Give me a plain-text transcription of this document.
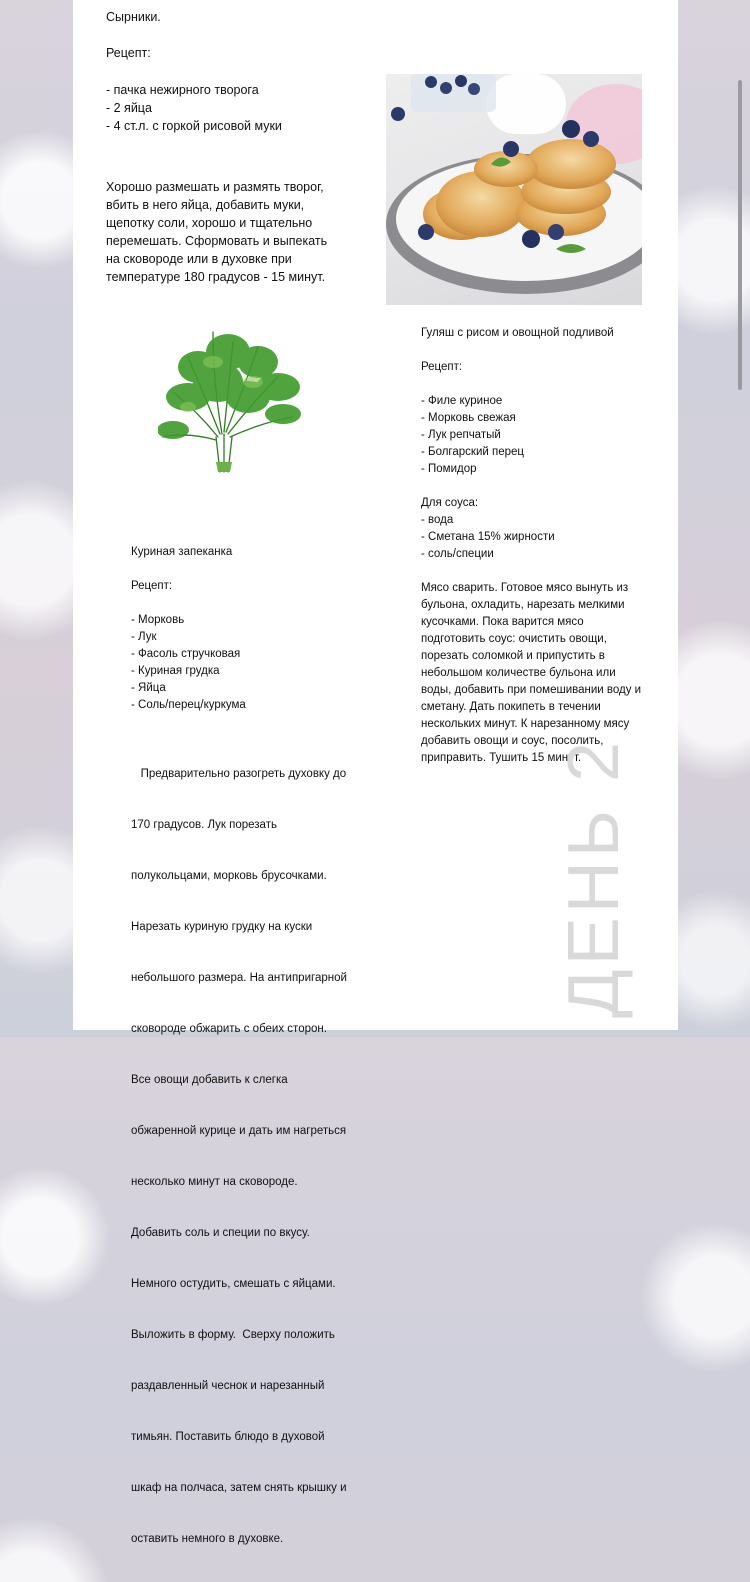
Сырники.
Рецепт:
- пачка нежирного творога
- 2 яйца
- 4 ст.л. с горкой рисовой муки
Хорошо размешать и размять творог,
вбить в него яйца, добавить муки,
щепотку соли, хорошо и тщательно
перемешать. Сформовать и выпекать
на сковороде или в духовке при
температуре 180 градусов - 15 минут.
Гуляш с рисом и овощной подливой
Рецепт:
- Филе куриное
- Морковь свежая
- Лук репчатый
- Болгарский перец
- Помидор
Для соуса:
- вода
- Сметана 15% жирности
- соль/специи
Мясо сварить. Готовое мясо вынуть из
бульона, охладить, нарезать мелкими
кусочками. Пока варится мясо
подготовить соус: очистить овощи,
порезать соломкой и припустить в
небольшом количестве бульона или
воды, добавить при помешивании воду и
сметану. Дать покипеть в течении
нескольких минут. К нарезанному мясу
добавить овощи и соус, посолить,
приправить. Тушить 15 минут.
Куриная запеканка
Рецепт:
- Морковь
- Лук
- Фасоль стручковая
- Куриная грудка
- Яйца
- Соль/перец/куркума

Предварительно разогреть духовку до

170 градусов. Лук порезать

полукольцами, морковь брусочками.

Нарезать куриную грудку на куски

небольшого размера. На антипригарной

сковороде обжарить с обеих сторон.

Все овощи добавить к слегка

обжаренной курице и дать им нагреться

несколько минут на сковороде.

Добавить соль и специи по вкусу.

Немного остудить, смешать с яйцами.

Выложить в форму.  Сверху положить

раздавленный чеснок и нарезанный

тимьян. Поставить блюдо в духовой

шкаф на полчаса, затем снять крышку и

оставить немного в духовке.

ДЕНЬ 2
